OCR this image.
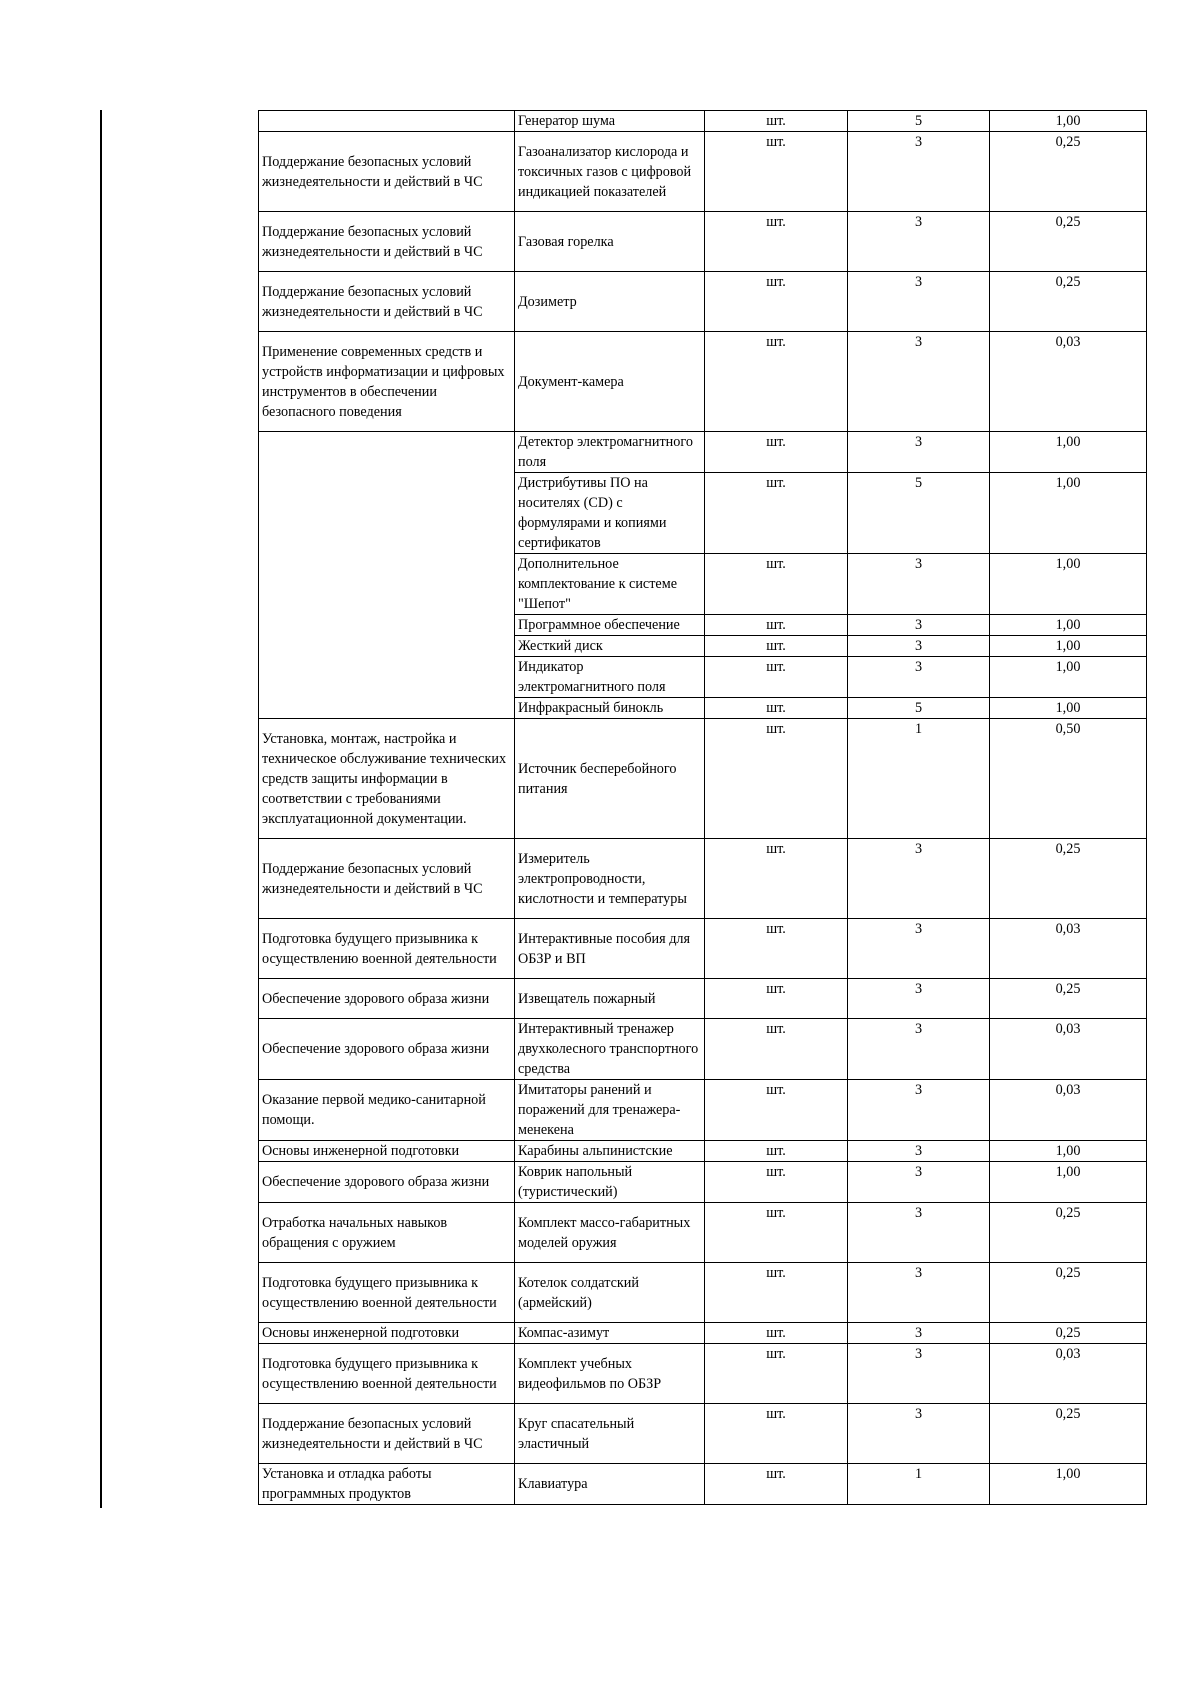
	Генератор шума	шт.	5	1,00
Поддержание безопасных условий жизнедеятельности и действий в ЧС	Газоанализатор кислорода и токсичных газов с цифровой индикацией показателей	шт.	3	0,25
Поддержание безопасных условий жизнедеятельности и действий в ЧС	Газовая горелка	шт.	3	0,25
Поддержание безопасных условий жизнедеятельности и действий в ЧС	Дозиметр	шт.	3	0,25
Применение современных средств и устройств информатизации и цифровых инструментов в обеспечении безопасного поведения	Документ-камера	шт.	3	0,03
	Детектор электромагнитного поля	шт.	3	1,00
	Дистрибутивы ПО на носителях (CD) с формулярами и копиями сертификатов	шт.	5	1,00
	Дополнительное комплектование к системе "Шепот"	шт.	3	1,00
	Программное обеспечение	шт.	3	1,00
	Жесткий диск	шт.	3	1,00
	Индикатор электромагнитного поля	шт.	3	1,00
	Инфракрасный бинокль	шт.	5	1,00
Установка, монтаж, настройка и техническое обслуживание технических средств защиты информации в соответствии с требованиями эксплуатационной документации.	Источник бесперебойного питания	шт.	1	0,50
Поддержание безопасных условий жизнедеятельности и действий в ЧС	Измеритель электропроводности, кислотности и температуры	шт.	3	0,25
Подготовка будущего призывника к осуществлению военной деятельности	Интерактивные пособия для ОБЗР и ВП	шт.	3	0,03
Обеспечение здорового образа жизни	Извещатель пожарный	шт.	3	0,25
Обеспечение здорового образа жизни	Интерактивный тренажер двухколесного транспортного средства	шт.	3	0,03
Оказание первой медико-санитарной помощи.	Имитаторы ранений и поражений для тренажера-менекена	шт.	3	0,03
Основы инженерной подготовки	Карабины альпинистские	шт.	3	1,00
Обеспечение здорового образа жизни	Коврик напольный (туристический)	шт.	3	1,00
Отработка начальных навыков обращения с оружием	Комплект массо-габаритных моделей оружия	шт.	3	0,25
Подготовка будущего призывника к осуществлению военной деятельности	Котелок солдатский (армейский)	шт.	3	0,25
Основы инженерной подготовки	Компас-азимут	шт.	3	0,25
Подготовка будущего призывника к осуществлению военной деятельности	Комплект учебных видеофильмов по ОБЗР	шт.	3	0,03
Поддержание безопасных условий жизнедеятельности и действий в ЧС	Круг спасательный эластичный	шт.	3	0,25
Установка и отладка работы программных продуктов	Клавиатура	шт.	1	1,00
